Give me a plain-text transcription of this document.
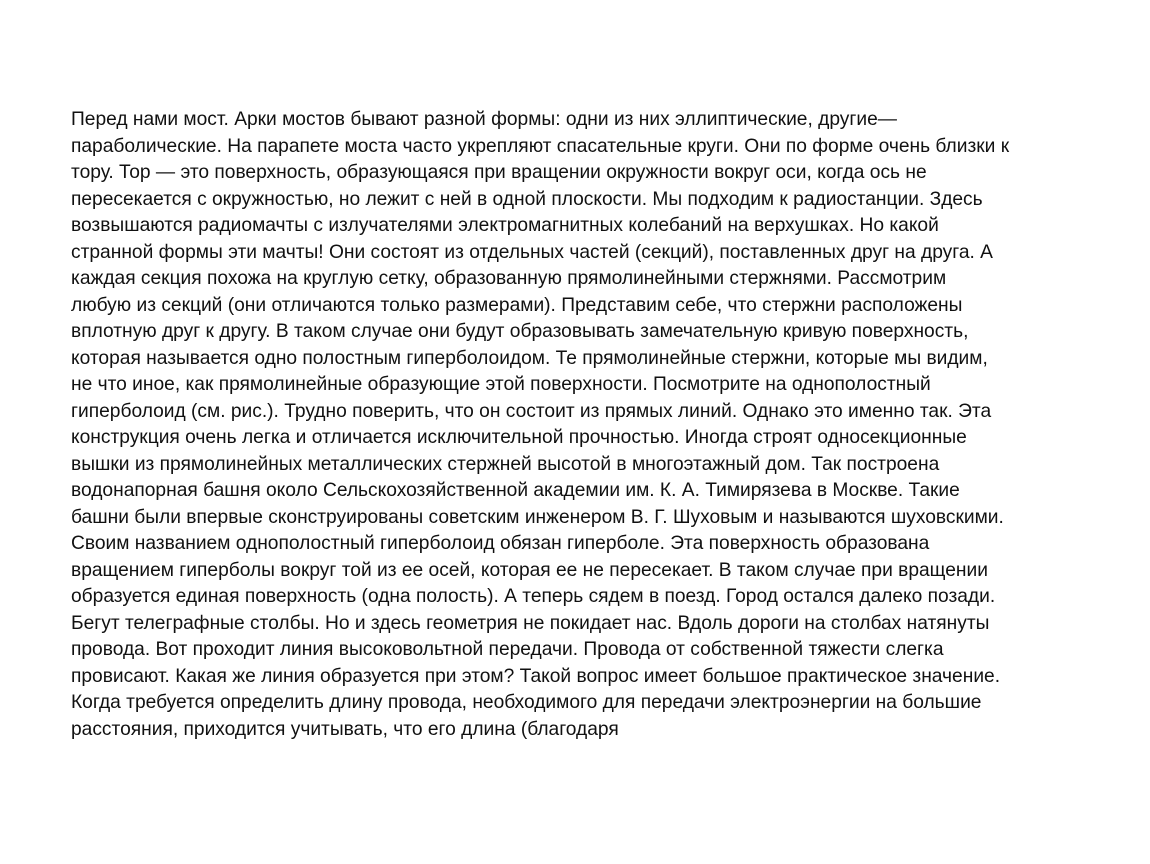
Перед нами мост. Арки мостов бывают разной формы: одни из них эллиптические, другие—
параболические. На парапете моста часто укрепляют спасательные круги. Они по форме очень близки к
тору. Тор — это поверхность, образующаяся при вращении окружности вокруг оси, когда ось не
пересекается с окружностью, но лежит с ней в одной плоскости. Мы подходим к радиостанции. Здесь
возвышаются радиомачты с излучателями электромагнитных колебаний на верхушках. Но какой
странной формы эти мачты! Они состоят из отдельных частей (секций), поставленных друг на друга. А
каждая секция похожа на круглую сетку, образованную прямолинейными стержнями. Рассмотрим
любую из секций (они отличаются только размерами). Представим себе, что стержни расположены
вплотную друг к другу. В таком случае они будут образовывать замечательную кривую поверхность,
которая называется одно полостным гиперболоидом. Те прямолинейные стержни, которые мы видим,
не что иное, как прямолинейные образующие этой поверхности. Посмотрите на однополостный
гиперболоид (см. рис.). Трудно поверить, что он состоит из прямых линий. Однако это именно так. Эта
конструкция очень легка и отличается исключительной прочностью. Иногда строят односекционные
вышки из прямолинейных металлических стержней высотой в многоэтажный дом. Так построена
водонапорная башня около Сельскохозяйственной академии им. К. А. Тимирязева в Москве. Такие
башни были впервые сконструированы советским инженером В. Г. Шуховым и называются шуховскими.
Своим названием однополостный гиперболоид обязан гиперболе. Эта поверхность образована
вращением гиперболы вокруг той из ее осей, которая ее не пересекает. В таком случае при вращении
образуется единая поверхность (одна полость). А теперь сядем в поезд. Город остался далеко позади.
Бегут телеграфные столбы. Но и здесь геометрия не покидает нас. Вдоль дороги на столбах натянуты
провода. Вот проходит линия высоковольтной передачи. Провода от собственной тяжести слегка
провисают. Какая же линия образуется при этом? Такой вопрос имеет большое практическое значение.
Когда требуется определить длину провода, необходимого для передачи электроэнергии на большие
расстояния, приходится учитывать, что его длина (благодаря
